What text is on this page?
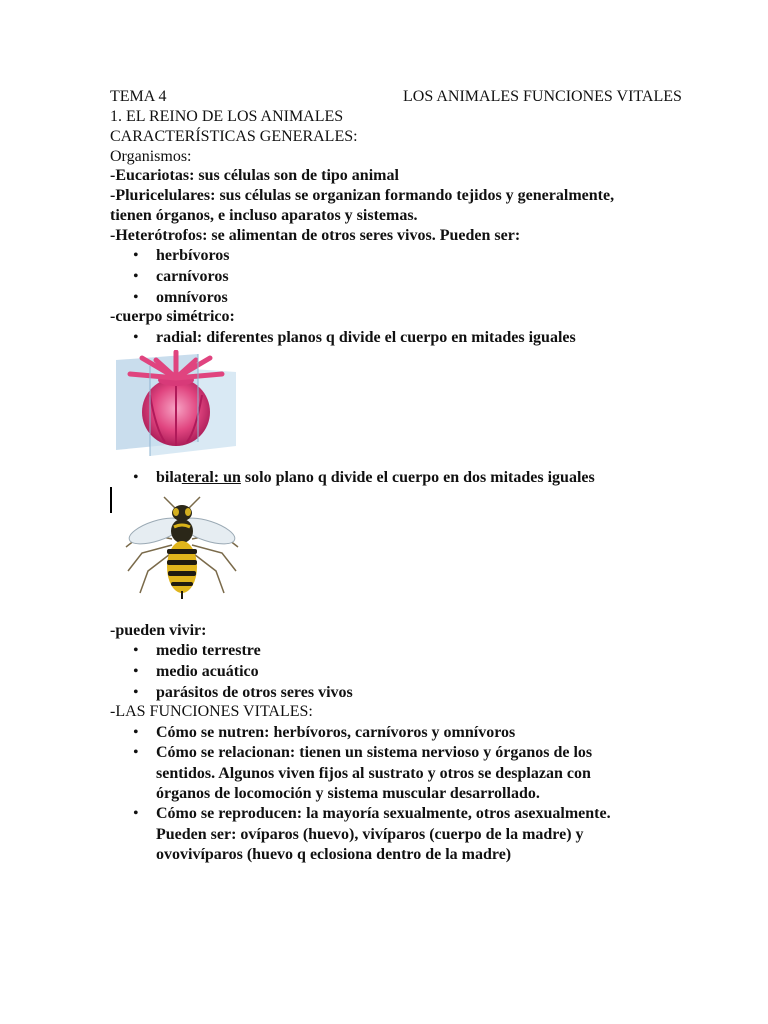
TEMA 4	LOS ANIMALES FUNCIONES VITALES
1. EL REINO DE LOS ANIMALES
CARACTERÍSTICAS GENERALES:
Organismos:
-Eucariotas: sus células son de tipo animal
-Pluricelulares: sus células se organizan formando tejidos y generalmente,
tienen órganos, e incluso aparatos y sistemas.
-Heterótrofos: se alimentan de otros seres vivos. Pueden ser:
•	herbívoros
•	carnívoros
•	omnívoros
-cuerpo simétrico:
•	radial: diferentes planos q divide el cuerpo en mitades iguales
•	bilateral: un solo plano q divide el cuerpo en dos mitades iguales
-pueden vivir:
•	medio terrestre
•	medio acuático
•	parásitos de otros seres vivos
-LAS FUNCIONES VITALES:
•	Cómo se nutren: herbívoros, carnívoros y omnívoros
•	Cómo se relacionan: tienen un sistema nervioso y órganos de los
sentidos. Algunos viven fijos al sustrato y otros se desplazan con
órganos de locomoción y sistema muscular desarrollado.
•	Cómo se reproducen: la mayoría sexualmente, otros asexualmente.
Pueden ser: ovíparos (huevo), vivíparos (cuerpo de la madre) y
ovovivíparos (huevo q eclosiona dentro de la madre)
